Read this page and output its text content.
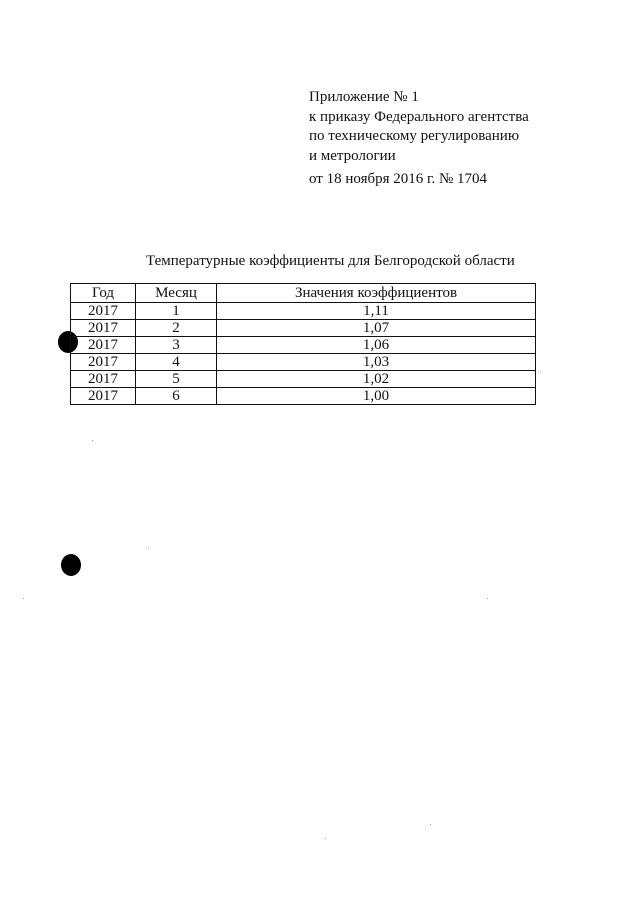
Приложение № 1
к приказу Федерального агентства
по техническому регулированию
и метрологии
от 18 ноября 2016 г. № 1704
Температурные коэффициенты для Белгородской области
Год	Месяц	Значения коэффициентов
2017	1	1,11
2017	2	1,07
2017	3	1,06
2017	4	1,03
2017	5	1,02
2017	6	1,00
